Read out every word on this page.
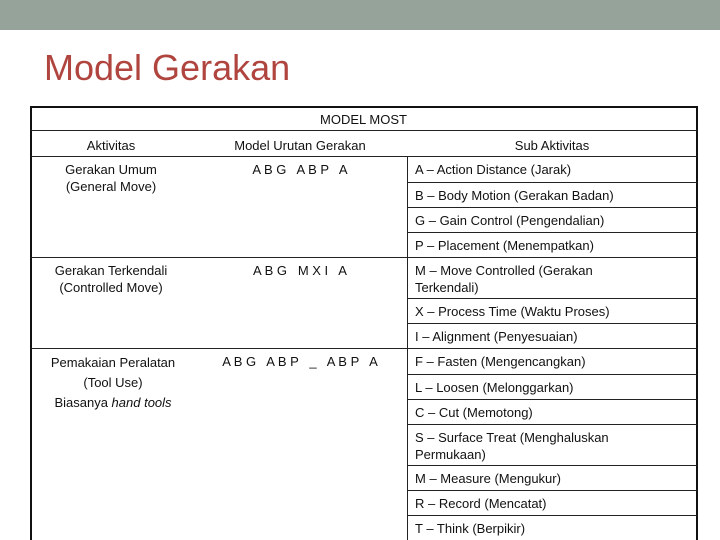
Model Gerakan
MODEL MOST
Aktivitas	Model Urutan Gerakan	Sub Aktivitas
Gerakan Umum
(General Move)
A B G   A B P   A	A – Action Distance (Jarak)
B – Body Motion (Gerakan Badan)
G – Gain Control (Pengendalian)
P – Placement (Menempatkan)
Gerakan Terkendali
(Controlled Move)
A B G   M X I   A	M – Move Controlled (Gerakan Terkendali)
X – Process Time (Waktu Proses)
I – Alignment (Penyesuaian)
Pemakaian Peralatan
(Tool Use)
Biasanya hand tools
A B G   A B P   _   A B P   A	F – Fasten (Mengencangkan)
L – Loosen (Melonggarkan)
C – Cut (Memotong)
S – Surface Treat (Menghaluskan Permukaan)
M – Measure (Mengukur)
R – Record (Mencatat)
T – Think (Berpikir)
